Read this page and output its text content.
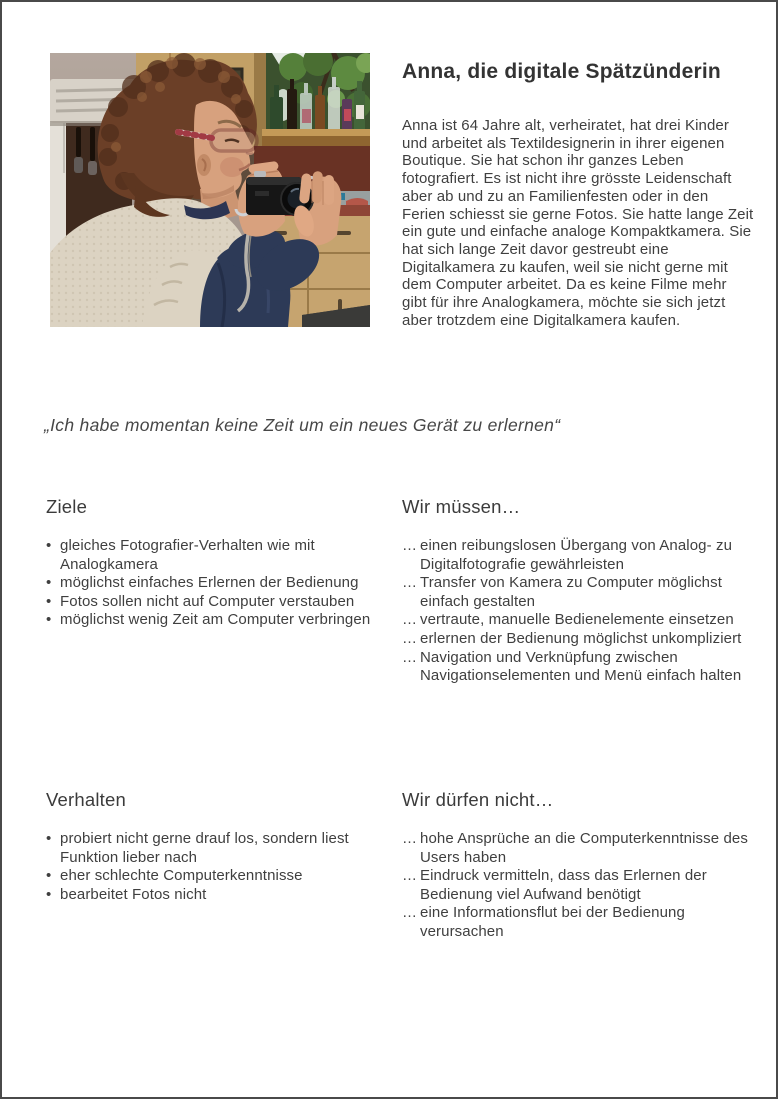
Anna, die digitale Spätzünderin

Anna ist 64 Jahre alt, verheiratet, hat drei Kinder und arbeitet als Textildesignerin in ihrer eigenen Boutique. Sie hat schon ihr ganzes Leben fotografiert. Es ist nicht ihre grösste Leidenschaft aber ab und zu an Familienfesten oder in den Ferien schiesst sie gerne Fotos. Sie hatte lange Zeit ein gute und einfache analoge Kompaktkamera. Sie hat sich lange Zeit davor gestreubt eine Digitalkamera zu kaufen, weil sie nicht gerne mit dem Computer arbeitet. Da es keine Filme mehr gibt für ihre Analogkamera, möchte sie sich jetzt aber trotzdem eine Digitalkamera kaufen.

„Ich habe momentan keine Zeit um ein neues Gerät zu erlernen“

Ziele
• gleiches Fotografier-Verhalten wie mit Analogkamera
• möglichst einfaches Erlernen der Bedienung
• Fotos sollen nicht auf Computer verstauben
• möglichst wenig Zeit am Computer verbringen
Wir müssen…
… einen reibungslosen Übergang von Analog- zu Digitalfotografie gewährleisten
… Transfer von Kamera zu Computer möglichst einfach gestalten
… vertraute, manuelle Bedienelemente einsetzen
… erlernen der Bedienung möglichst unkompliziert
… Navigation und Verknüpfung zwischen Navigationselementen und Menü einfach halten
Verhalten
• probiert nicht gerne drauf los, sondern liest Funktion lieber nach
• eher schlechte Computerkenntnisse
• bearbeitet Fotos nicht
Wir dürfen nicht…
… hohe Ansprüche an die Computerkenntnisse des Users haben
… Eindruck vermitteln, dass das Erlernen der Bedienung viel Aufwand benötigt
… eine Informationsflut bei der Bedienung verursachen
